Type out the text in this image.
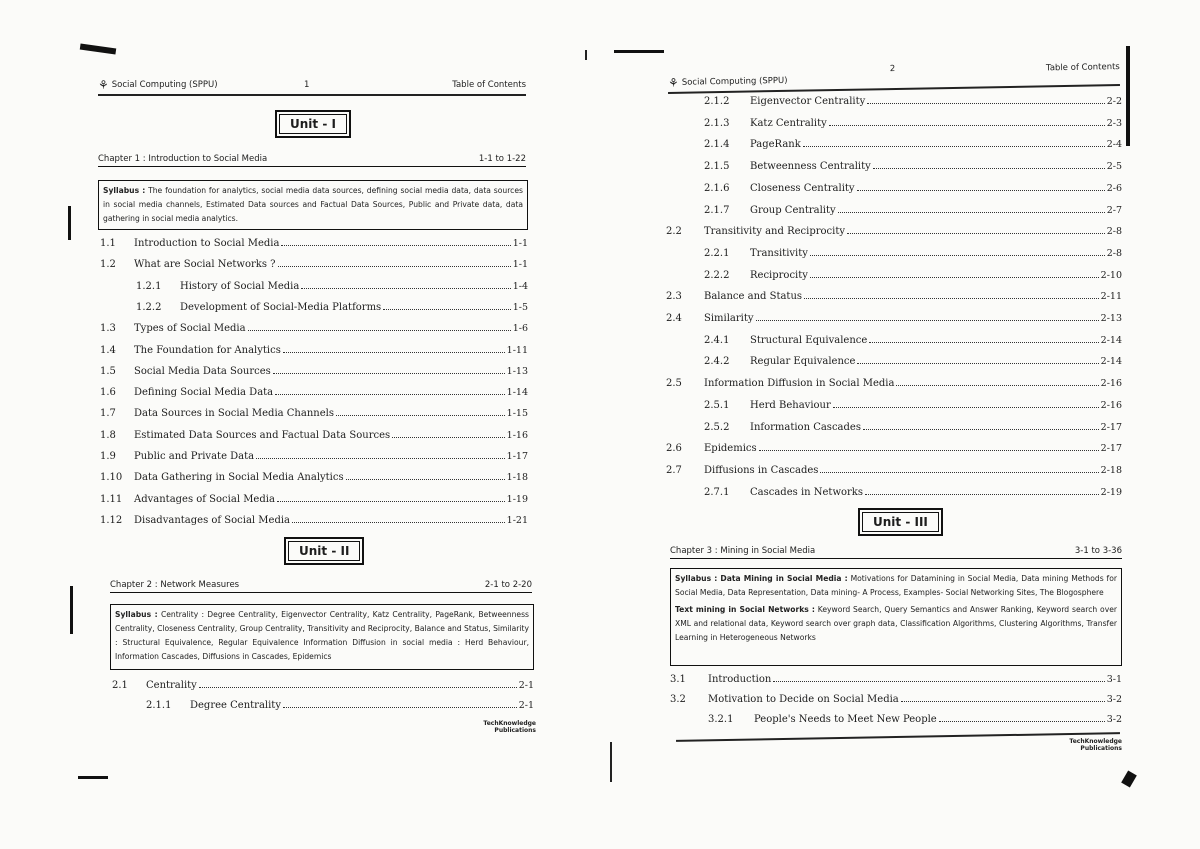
⚘ Social Computing (SPPU)	1	Table of Contents
Unit - I
Chapter 1 : Introduction to Social Media	1-1 to 1-22
Syllabus : The foundation for analytics, social media data sources, defining social media data, data sources in social media channels, Estimated Data sources and Factual Data Sources, Public and Private data, data gathering in social media analytics.
1.1	Introduction to Social Media	1-1
1.2	What are Social Networks ?	1-1
1.2.1	History of Social Media	1-4
1.2.2	Development of Social-Media Platforms	1-5
1.3	Types of Social Media	1-6
1.4	The Foundation for Analytics	1-11
1.5	Social Media Data Sources	1-13
1.6	Defining Social Media Data	1-14
1.7	Data Sources in Social Media Channels	1-15
1.8	Estimated Data Sources and Factual Data Sources	1-16
1.9	Public and Private Data	1-17
1.10	Data Gathering in Social Media Analytics	1-18
1.11	Advantages of Social Media	1-19
1.12	Disadvantages of Social Media	1-21
Unit - II
Chapter 2 : Network Measures	2-1 to 2-20
Syllabus : Centrality : Degree Centrality, Eigenvector Centrality, Katz Centrality, PageRank, Betweenness Centrality, Closeness Centrality, Group Centrality, Transitivity and Reciprocity, Balance and Status, Similarity : Structural Equivalence, Regular Equivalence Information Diffusion in social media : Herd Behaviour, Information Cascades, Diffusions in Cascades, Epidemics
2.1	Centrality	2-1
2.1.1	Degree Centrality	2-1
TechKnowledge Publications
⚘ Social Computing (SPPU)
2	Table of Contents
2.1.2	Eigenvector Centrality	2-2
2.1.3	Katz Centrality	2-3
2.1.4	PageRank	2-4
2.1.5	Betweenness Centrality	2-5
2.1.6	Closeness Centrality	2-6
2.1.7	Group Centrality	2-7
2.2	Transitivity and Reciprocity	2-8
2.2.1	Transitivity	2-8
2.2.2	Reciprocity	2-10
2.3	Balance and Status	2-11
2.4	Similarity	2-13
2.4.1	Structural Equivalence	2-14
2.4.2	Regular Equivalence	2-14
2.5	Information Diffusion in Social Media	2-16
2.5.1	Herd Behaviour	2-16
2.5.2	Information Cascades	2-17
2.6	Epidemics	2-17
2.7	Diffusions in Cascades	2-18
2.7.1	Cascades in Networks	2-19
Unit - III
Chapter 3 : Mining in Social Media	3-1 to 3-36

Syllabus : Data Mining in Social Media : Motivations for Datamining in Social Media, Data mining Methods for Social Media, Data Representation, Data mining- A Process, Examples- Social Networking Sites, The Blogosphere

Text mining in Social Networks : Keyword Search, Query Semantics and Answer Ranking, Keyword search over XML and relational data, Keyword search over graph data, Classification Algorithms, Clustering Algorithms, Transfer Learning in Heterogeneous Networks

3.1	Introduction	3-1
3.2	Motivation to Decide on Social Media	3-2
3.2.1	People's Needs to Meet New People	3-2
TechKnowledge Publications
